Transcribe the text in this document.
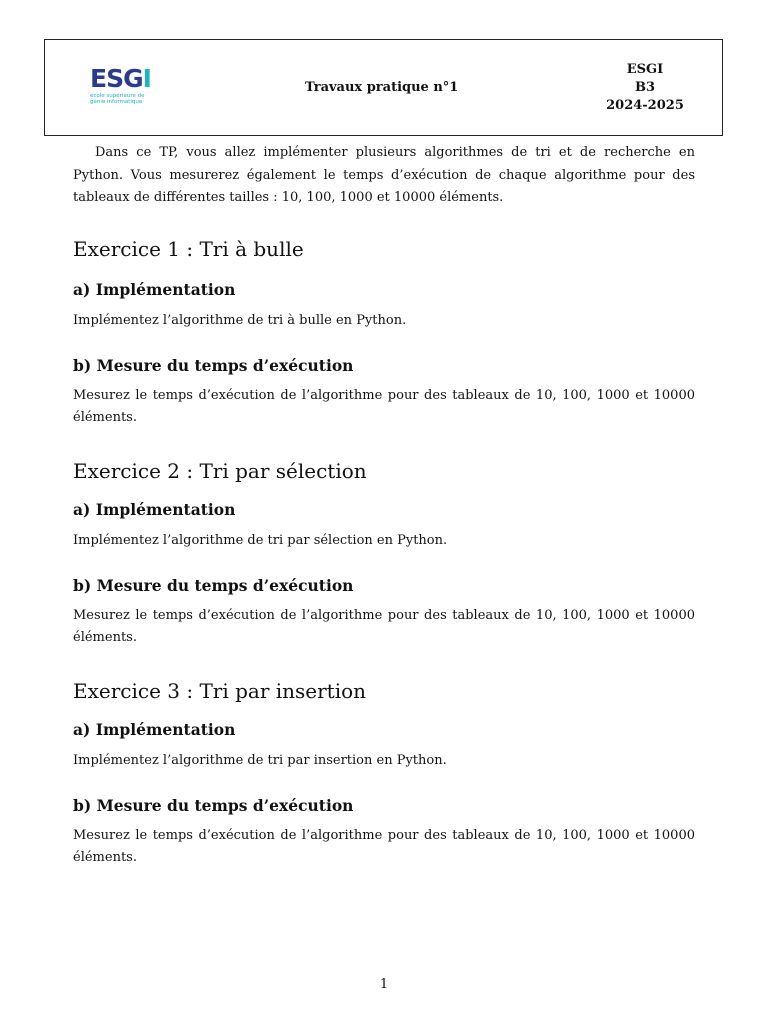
ESGI
école supérieure de génie informatique
Travaux pratique n°1
ESGI
B3
2024-2025

Dans ce TP, vous allez implémenter plusieurs algorithmes de tri et de recherche en Python. Vous mesurerez également le temps d’exécution de chaque algorithme pour des tableaux de différentes tailles : 10, 100, 1000 et 10000 éléments.

Exercice 1 : Tri à bulle
a) Implémentation

Implémentez l’algorithme de tri à bulle en Python.

b) Mesure du temps d’exécution

Mesurez le temps d’exécution de l’algorithme pour des tableaux de 10, 100, 1000 et 10000 éléments.

Exercice 2 : Tri par sélection
a) Implémentation

Implémentez l’algorithme de tri par sélection en Python.

b) Mesure du temps d’exécution

Mesurez le temps d’exécution de l’algorithme pour des tableaux de 10, 100, 1000 et 10000 éléments.

Exercice 3 : Tri par insertion
a) Implémentation

Implémentez l’algorithme de tri par insertion en Python.

b) Mesure du temps d’exécution

Mesurez le temps d’exécution de l’algorithme pour des tableaux de 10, 100, 1000 et 10000 éléments.

1
